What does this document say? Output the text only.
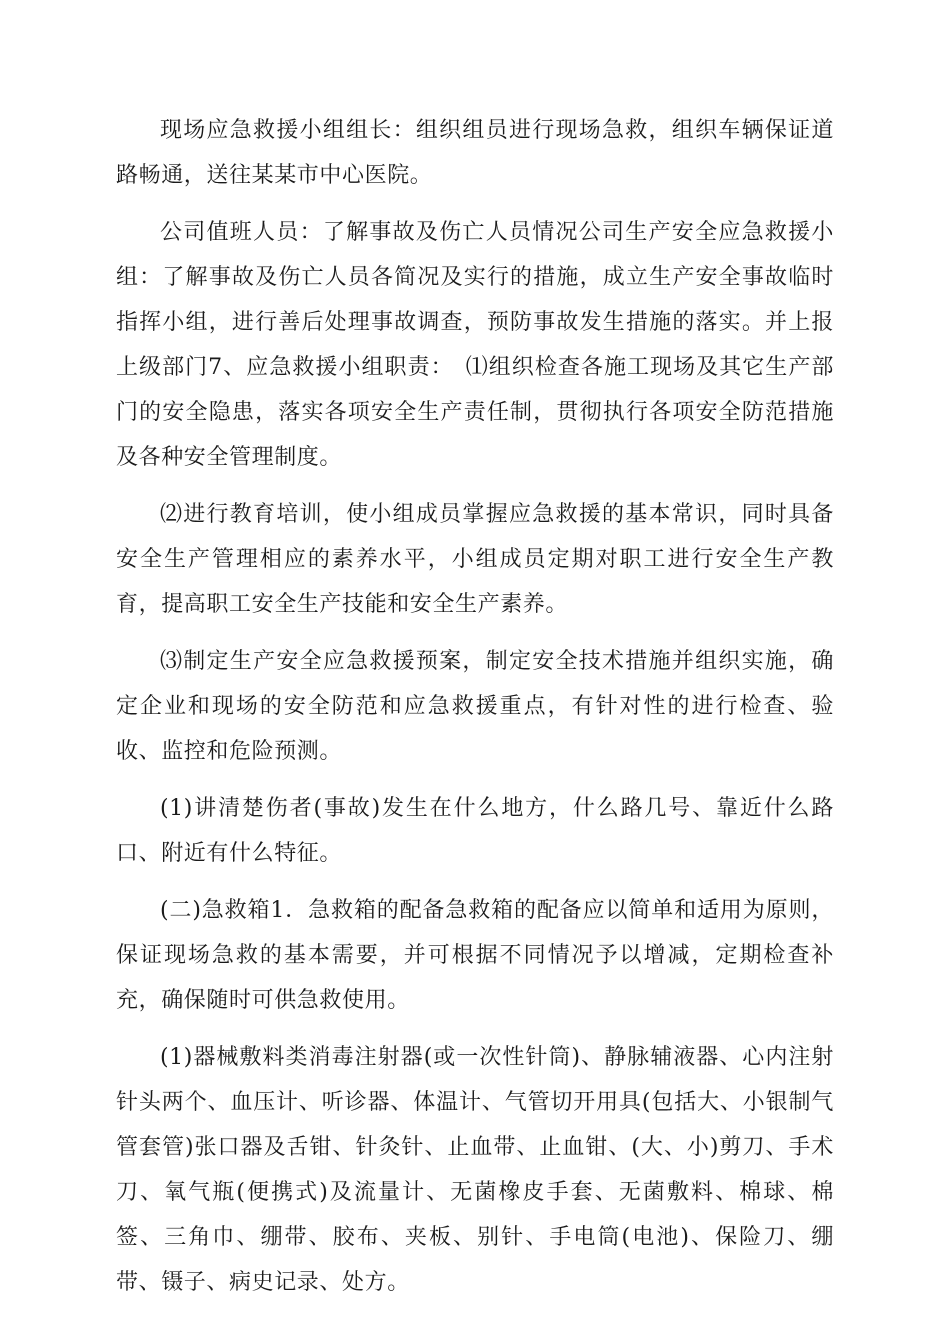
现场应急救援小组组长：组织组员进行现场急救，组织车辆保证道路畅通，送往某某市中心医院。

公司值班人员：了解事故及伤亡人员情况公司生产安全应急救援小组：了解事故及伤亡人员各简况及实行的措施，成立生产安全事故临时指挥小组，进行善后处理事故调查，预防事故发生措施的落实。并上报上级部门7、应急救援小组职责：　⑴组织检查各施工现场及其它生产部门的安全隐患，落实各项安全生产责任制，贯彻执行各项安全防范措施及各种安全管理制度。

⑵进行教育培训，使小组成员掌握应急救援的基本常识，同时具备安全生产管理相应的素养水平，小组成员定期对职工进行安全生产教育，提高职工安全生产技能和安全生产素养。

⑶制定生产安全应急救援预案，制定安全技术措施并组织实施，确定企业和现场的安全防范和应急救援重点，有针对性的进行检查、验收、监控和危险预测。

(1)讲清楚伤者(事故)发生在什么地方，什么路几号、靠近什么路口、附近有什么特征。

(二)急救箱1．急救箱的配备急救箱的配备应以简单和适用为原则，保证现场急救的基本需要，并可根据不同情况予以增减，定期检查补充，确保随时可供急救使用。

(1)器械敷料类消毒注射器(或一次性针筒)、静脉辅液器、心内注射针头两个、血压计、听诊器、体温计、气管切开用具(包括大、小银制气管套管)张口器及舌钳、针灸针、止血带、止血钳、(大、小)剪刀、手术刀、氧气瓶(便携式)及流量计、无菌橡皮手套、无菌敷料、棉球、棉签、三角巾、绷带、胶布、夹板、别针、手电筒(电池)、保险刀、绷带、镊子、病史记录、处方。
